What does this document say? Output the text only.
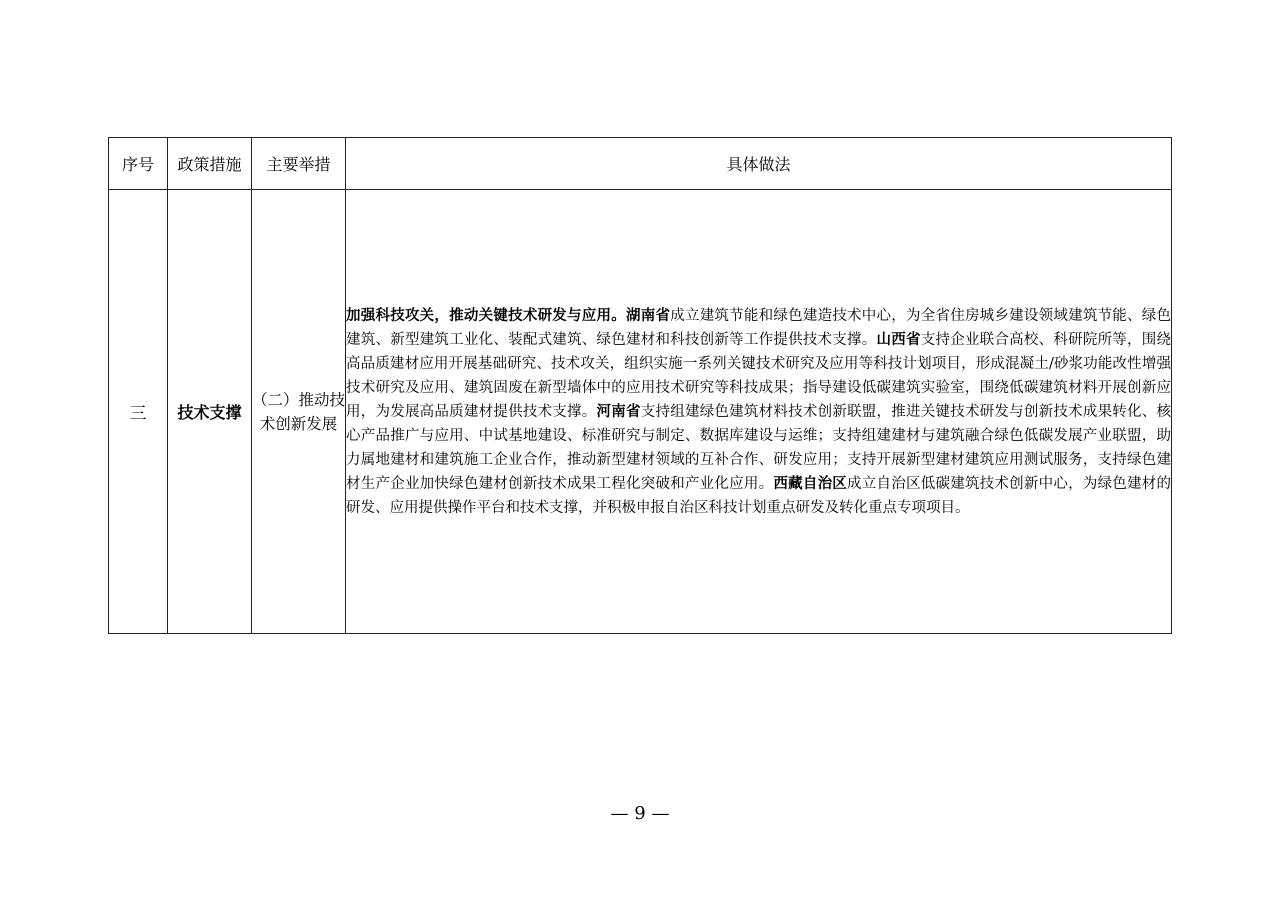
序号	政策措施	主要举措	具体做法
三	技术支撑	（二）推动技术创新发展	加强科技攻关，推动关键技术研发与应用。湖南省成立建筑节能和绿色建造技术中心，为全省住房城乡建设领域建筑节能、绿色建筑、新型建筑工业化、装配式建筑、绿色建材和科技创新等工作提供技术支撑。山西省支持企业联合高校、科研院所等，围绕高品质建材应用开展基础研究、技术攻关，组织实施一系列关键技术研究及应用等科技计划项目，形成混凝土/砂浆功能改性增强技术研究及应用、建筑固废在新型墙体中的应用技术研究等科技成果；指导建设低碳建筑实验室，围绕低碳建筑材料开展创新应用，为发展高品质建材提供技术支撑。河南省支持组建绿色建筑材料技术创新联盟，推进关键技术研发与创新技术成果转化、核心产品推广与应用、中试基地建设、标准研究与制定、数据库建设与运维；支持组建建材与建筑融合绿色低碳发展产业联盟，助力属地建材和建筑施工企业合作，推动新型建材领域的互补合作、研发应用；支持开展新型建材建筑应用测试服务，支持绿色建材生产企业加快绿色建材创新技术成果工程化突破和产业化应用。西藏自治区成立自治区低碳建筑技术创新中心，为绿色建材的研发、应用提供操作平台和技术支撑，并积极申报自治区科技计划重点研发及转化重点专项项目。

— 9 —
